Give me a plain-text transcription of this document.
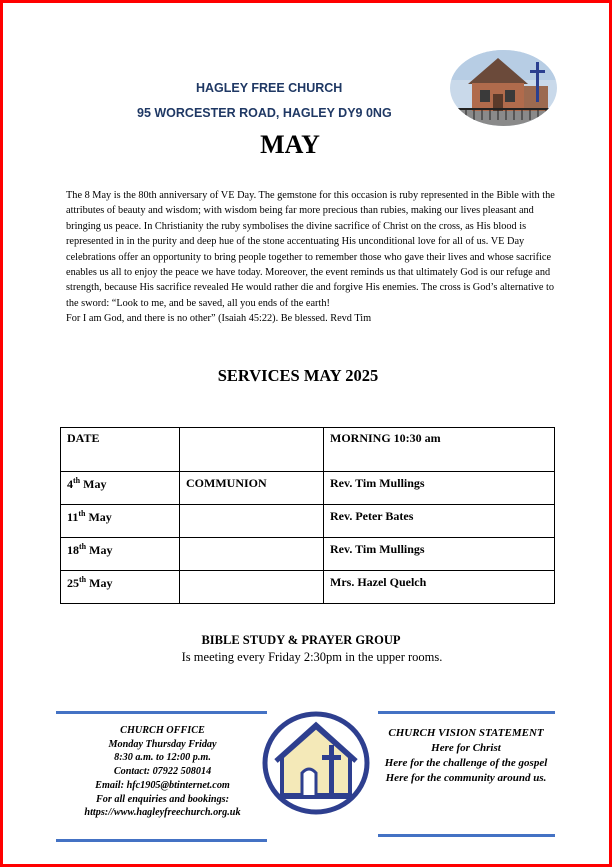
HAGLEY FREE CHURCH
95 WORCESTER ROAD, HAGLEY DY9 0NG
MAY

The 8 May is the 80th anniversary of VE Day. The gemstone for this occasion is ruby represented in the Bible with the attributes of beauty and wisdom; with wisdom being far more precious than rubies, making our lives pleasant and bringing us peace. In Christianity the ruby symbolises the divine sacrifice of Christ on the cross, as His blood is represented in in the purity and deep hue of the stone accentuating His unconditional love for all of us. VE Day celebrations offer an opportunity to bring people together to remember those who gave their lives and whose sacrifice enables us all to enjoy the peace we have today. Moreover, the event reminds us that ultimately God is our refuge and strength, because His sacrifice revealed He would rather die and forgive His enemies. The cross is God’s alternative to the sword: “Look to me, and be saved, all you ends of the earth!

For I am God, and there is no other” (Isaiah 45:22). Be blessed. Revd Tim

SERVICES MAY 2025
DATE		MORNING 10:30 am
4th May	COMMUNION	Rev. Tim Mullings
11th May		Rev. Peter Bates
18th May		Rev. Tim Mullings
25th May		Mrs. Hazel Quelch
BIBLE STUDY & PRAYER GROUP
Is meeting every Friday 2:30pm in the upper rooms.
CHURCH OFFICE
Monday Thursday Friday
8:30 a.m. to 12:00 p.m.
Contact: 07922 508014
Email: hfc1905@btinternet.com
For all enquiries and bookings:
https://www.hagleyfreechurch.org.uk
CHURCH VISION STATEMENT
Here for Christ
Here for the challenge of the gospel
Here for the community around us.
